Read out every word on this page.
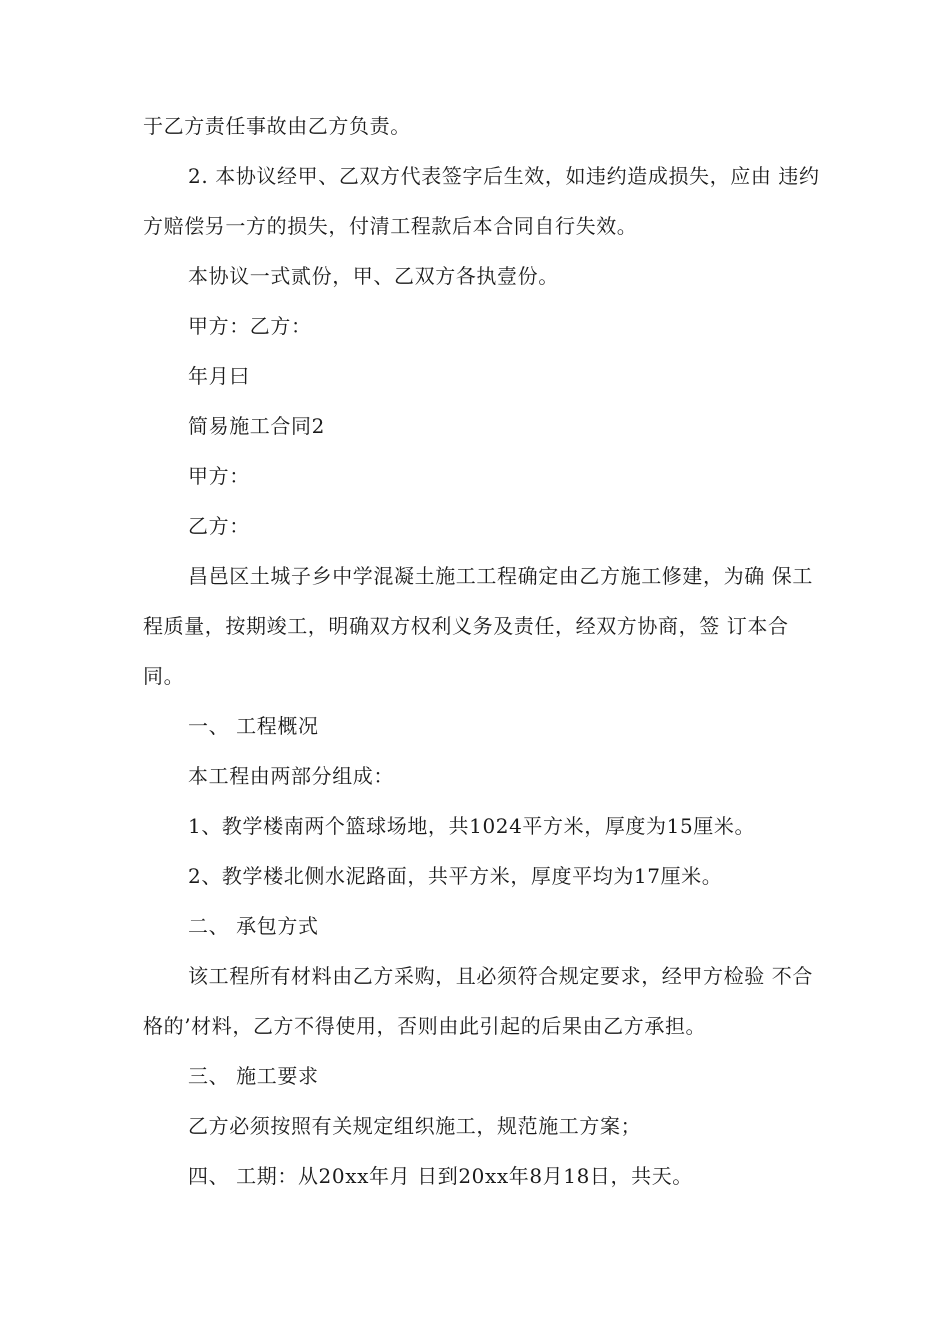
于乙方责任事故由乙方负责。
2. 本协议经甲、乙双方代表签字后生效，如违约造成损失，应由 违约
方赔偿另一方的损失，付清工程款后本合同自行失效。
本协议一式贰份，甲、乙双方各执壹份。
甲方：乙方：
年月曰
简易施工合同2
甲方：
乙方：
昌邑区土城子乡中学混凝土施工工程确定由乙方施工修建，为确 保工
程质量，按期竣工，明确双方权利义务及责任，经双方协商，签 订本合
同。
一、 工程概况
本工程由两部分组成：
1、教学楼南两个篮球场地，共1024平方米，厚度为15厘米。
2、教学楼北侧水泥路面，共平方米，厚度平均为17厘米。
二、 承包方式
该工程所有材料由乙方采购，且必须符合规定要求，经甲方检验 不合
格的’材料，乙方不得使用，否则由此引起的后果由乙方承担。
三、 施工要求
乙方必须按照有关规定组织施工，规范施工方案；
四、 工期：从20xx年月 日到20xx年8月18日，共天。
